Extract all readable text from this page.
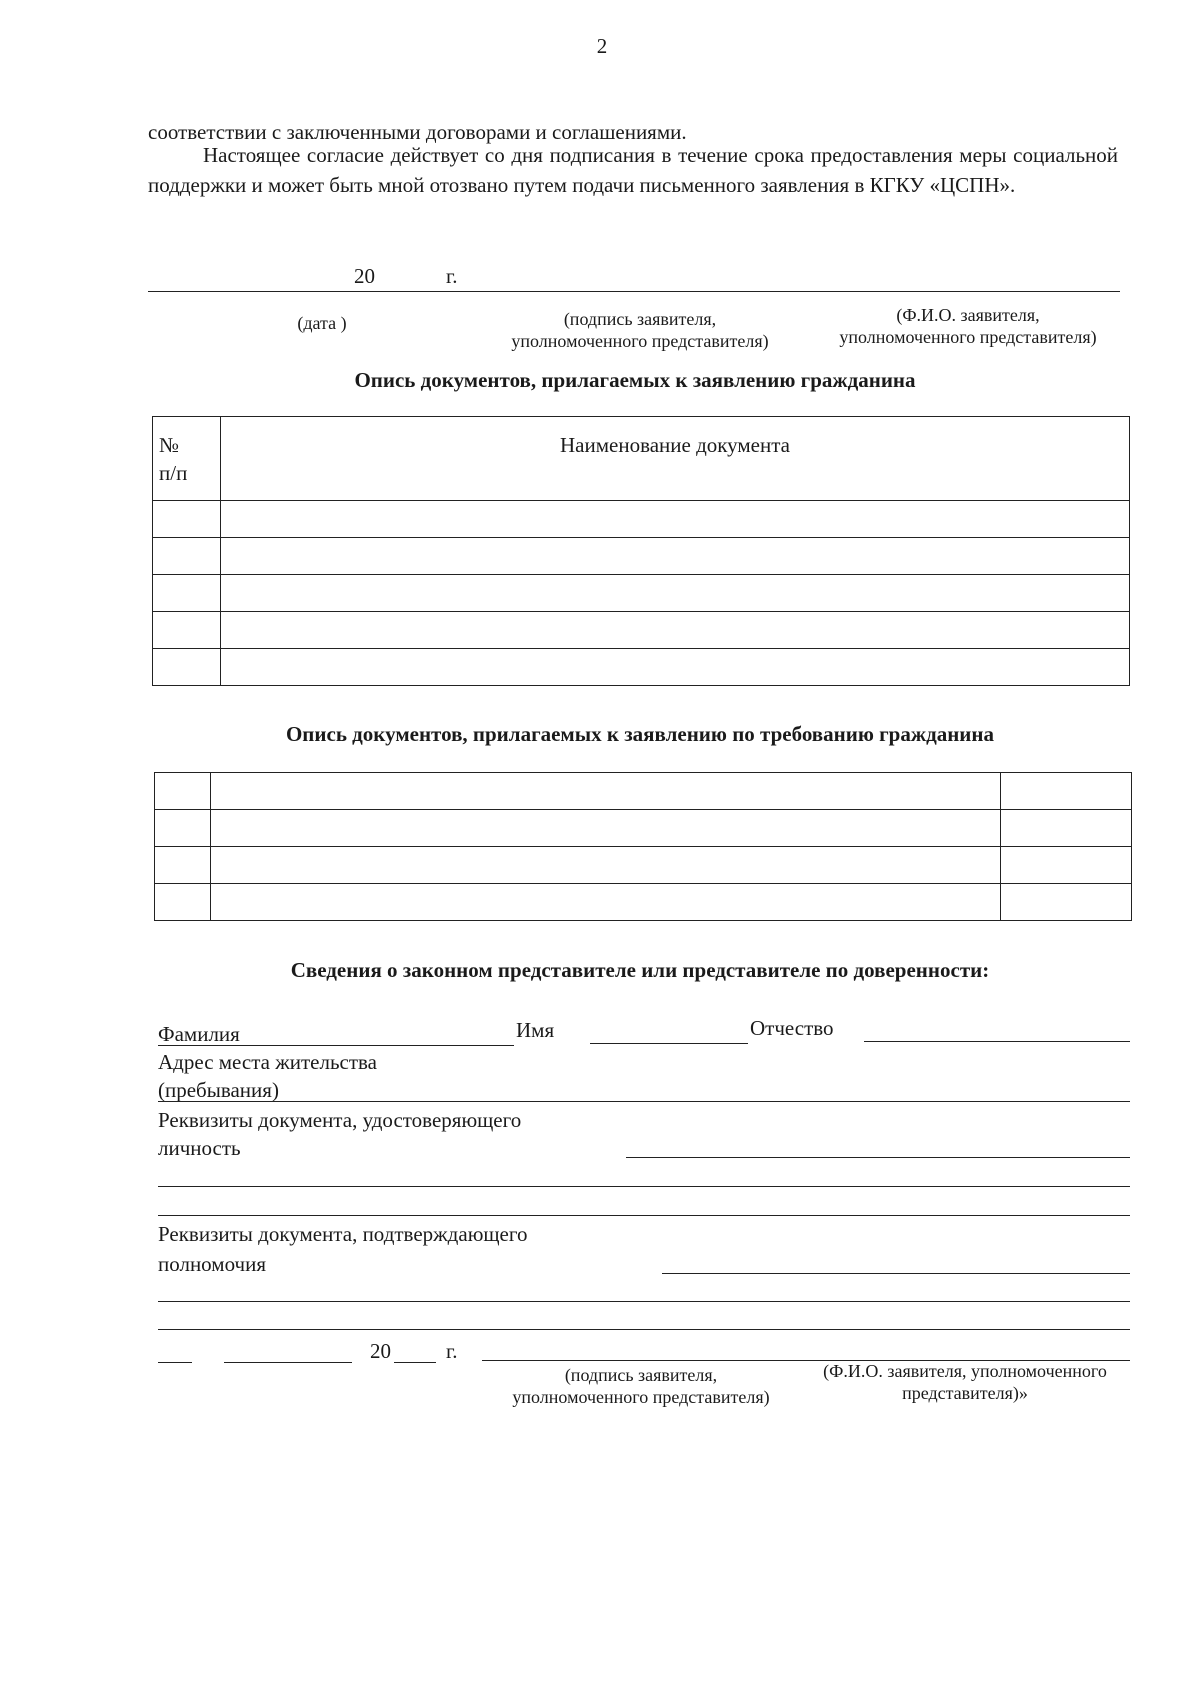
2
соответствии с заключенными договорами и соглашениями.
Настоящее согласие действует со дня подписания в течение срока предоставления меры социальной поддержки и может быть мной отозвано путем подачи письменного заявления в КГКУ «ЦСПН».
20	г.
(дата )	(подпись заявителя,
уполномоченного представителя)
(Ф.И.О. заявителя,
уполномоченного представителя)
Опись документов, прилагаемых к заявлению гражданина
№
п/п	Наименование документа

Опись документов, прилагаемых к заявлению по требованию гражданина

Сведения о законном представителе или представителе по доверенности:
Фамилия	Имя	Отчество
Адрес места жительства
(пребывания)
Реквизиты документа, удостоверяющего
личность
Реквизиты документа, подтверждающего
полномочия
20	г.
(подпись заявителя,
уполномоченного представителя)
(Ф.И.О. заявителя, уполномоченного
представителя)»
